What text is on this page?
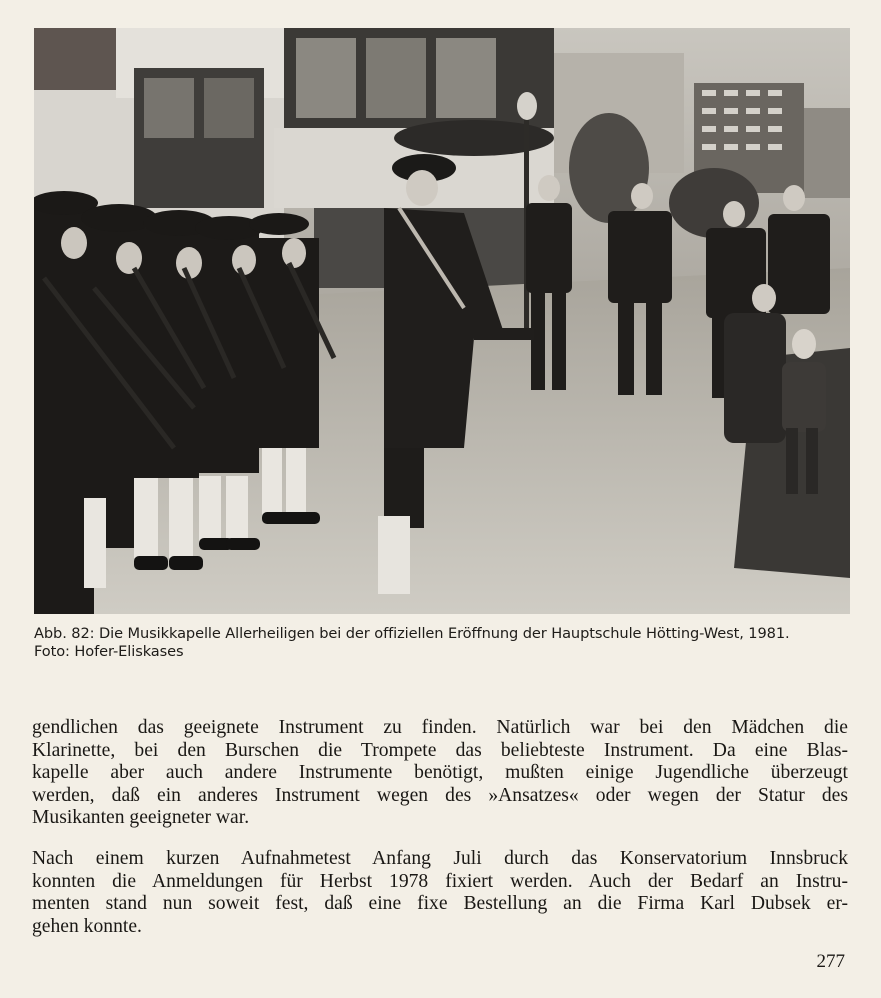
Abb. 82: Die Musikkapelle Allerheiligen bei der offiziellen Eröffnung der Hauptschule Hötting-West, 1981.
Foto: Hofer-Eliskases
gendlichen das geeignete Instrument zu finden. Natürlich war bei den Mädchen die
Klarinette, bei den Burschen die Trompete das beliebteste Instrument. Da eine Blas-
kapelle aber auch andere Instrumente benötigt, mußten einige Jugendliche überzeugt
werden, daß ein anderes Instrument wegen des »Ansatzes« oder wegen der Statur des
Musikanten geeigneter war.
Nach einem kurzen Aufnahmetest Anfang Juli durch das Konservatorium Innsbruck
konnten die Anmeldungen für Herbst 1978 fixiert werden. Auch der Bedarf an Instru-
menten stand nun soweit fest, daß eine fixe Bestellung an die Firma Karl Dubsek er-
gehen konnte.
277
